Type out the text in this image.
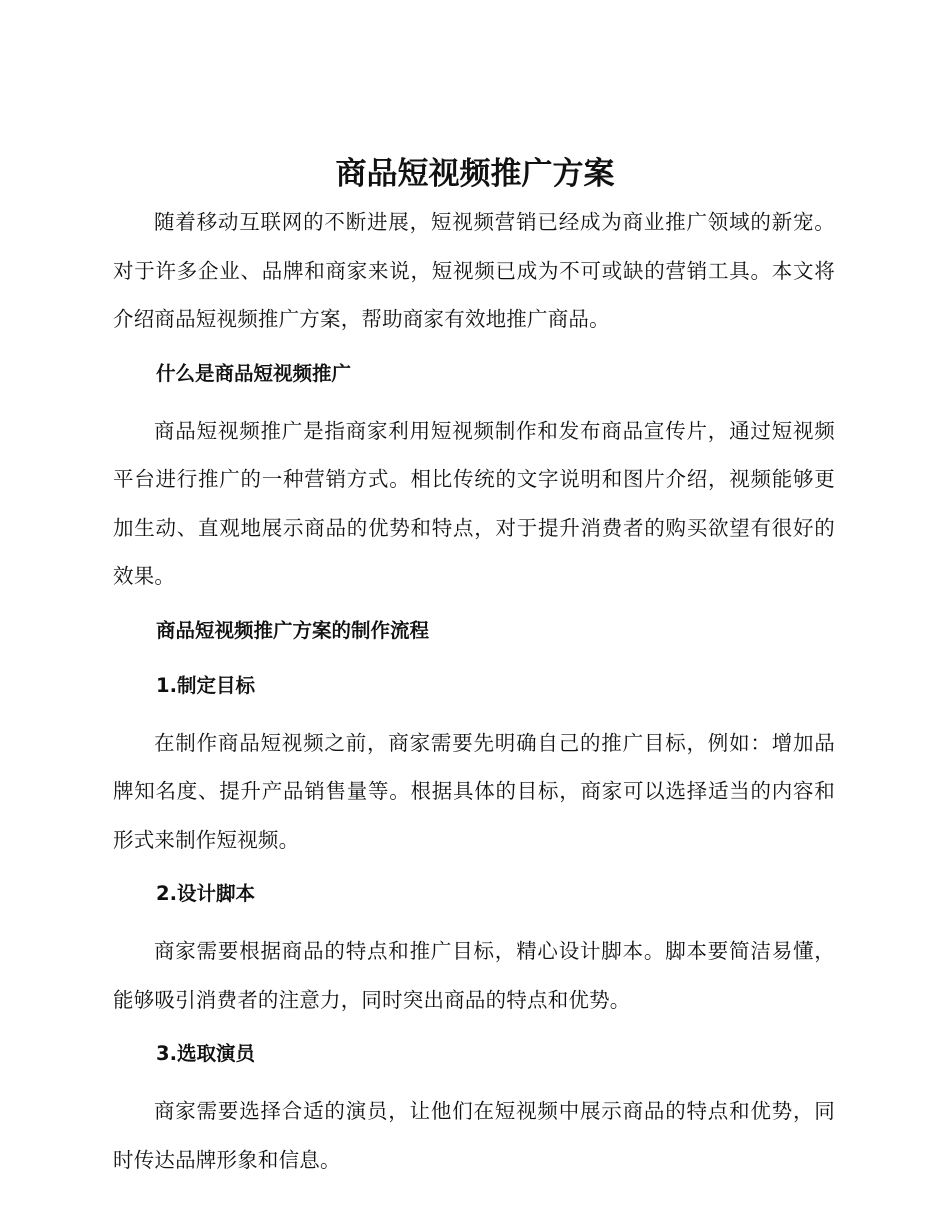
商品短视频推广方案

随着移动互联网的不断进展，短视频营销已经成为商业推广领域的新宠。对于许多企业、品牌和商家来说，短视频已成为不可或缺的营销工具。本文将介绍商品短视频推广方案，帮助商家有效地推广商品。

什么是商品短视频推广

商品短视频推广是指商家利用短视频制作和发布商品宣传片，通过短视频平台进行推广的一种营销方式。相比传统的文字说明和图片介绍，视频能够更加生动、直观地展示商品的优势和特点，对于提升消费者的购买欲望有很好的效果。

商品短视频推广方案的制作流程
1.制定目标

在制作商品短视频之前，商家需要先明确自己的推广目标，例如：增加品牌知名度、提升产品销售量等。根据具体的目标，商家可以选择适当的内容和形式来制作短视频。

2.设计脚本

商家需要根据商品的特点和推广目标，精心设计脚本。脚本要简洁易懂，能够吸引消费者的注意力，同时突出商品的特点和优势。

3.选取演员

商家需要选择合适的演员，让他们在短视频中展示商品的特点和优势，同时传达品牌形象和信息。
